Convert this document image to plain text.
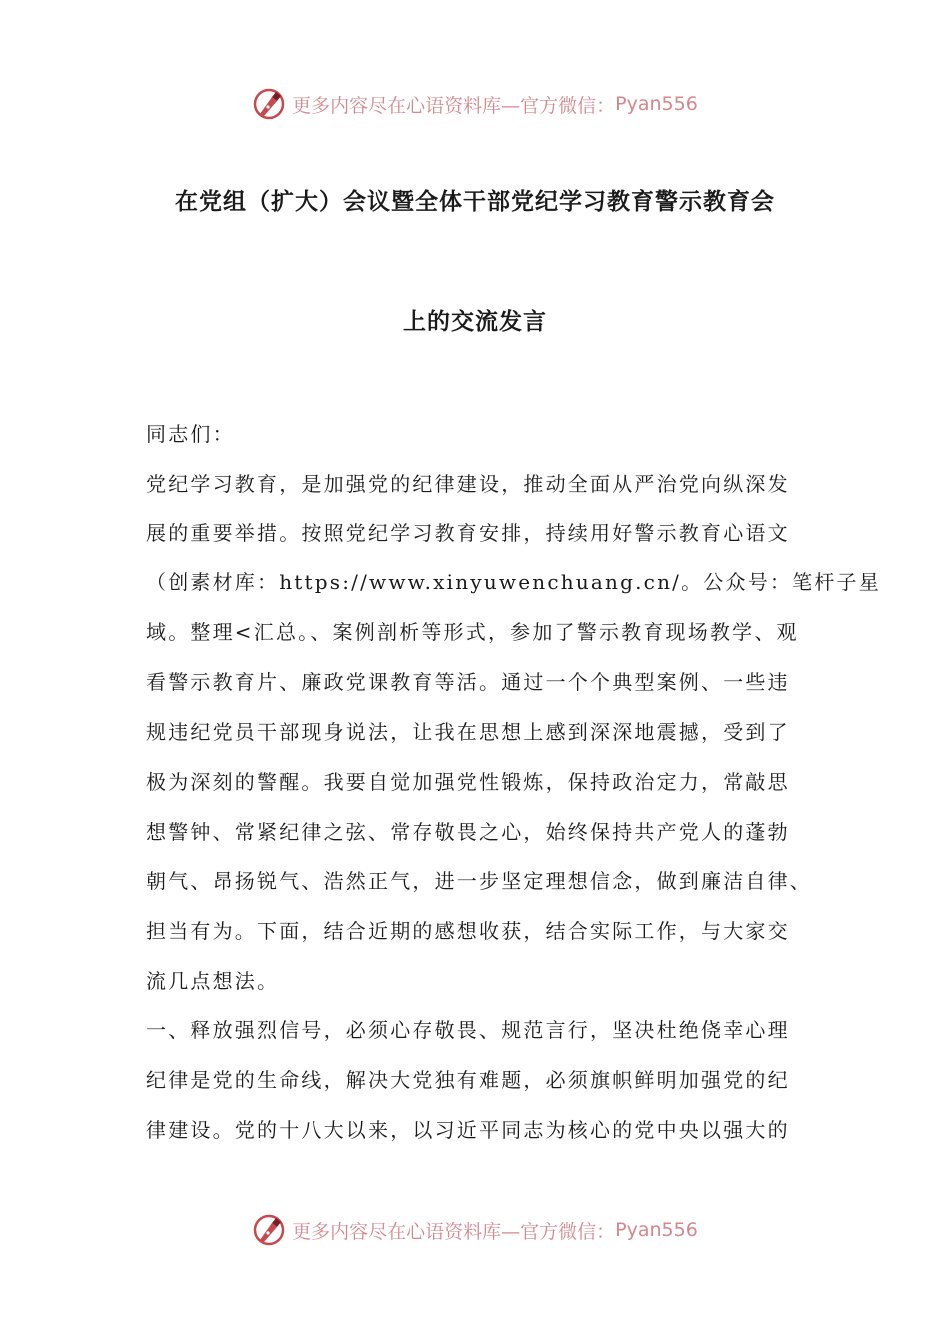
更多内容尽在心语资料库—官方微信： Pyan556
在党组（扩大）会议暨全体干部党纪学习教育警示教育会
上的交流发言
同志们：
党纪学习教育，是加强党的纪律建设，推动全面从严治党向纵深发
展的重要举措。按照党纪学习教育安排，持续用好警示教育心语文
（创素材库：https://www.xinyuwenchuang.cn/。公众号：笔杆子星
域。整理<汇总。、案例剖析等形式，参加了警示教育现场教学、观
看警示教育片、廉政党课教育等活。通过一个个典型案例、一些违
规违纪党员干部现身说法，让我在思想上感到深深地震撼，受到了
极为深刻的警醒。我要自觉加强党性锻炼，保持政治定力，常敲思
想警钟、常紧纪律之弦、常存敬畏之心，始终保持共产党人的蓬勃
朝气、昂扬锐气、浩然正气，进一步坚定理想信念，做到廉洁自律、
担当有为。下面，结合近期的感想收获，结合实际工作，与大家交
流几点想法。
一、释放强烈信号，必须心存敬畏、规范言行，坚决杜绝侥幸心理
纪律是党的生命线，解决大党独有难题，必须旗帜鲜明加强党的纪
律建设。党的十八大以来，以习近平同志为核心的党中央以强大的
更多内容尽在心语资料库—官方微信： Pyan556
